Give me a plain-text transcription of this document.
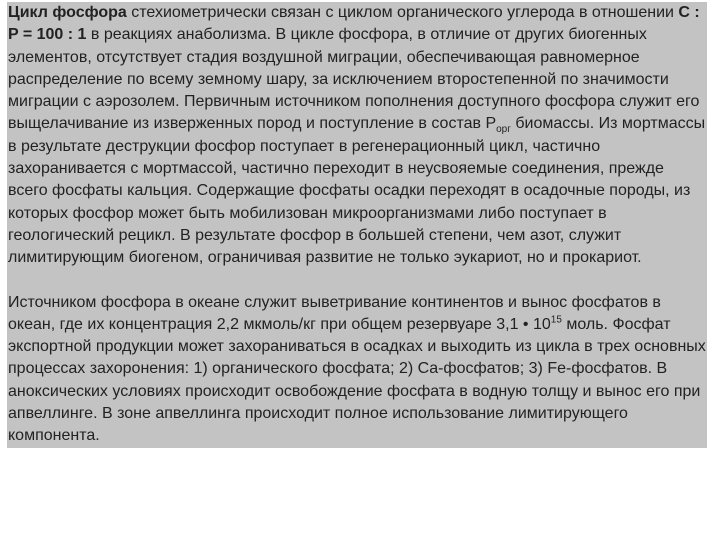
Цикл фосфора стехиометрически связан с циклом органического углерода в отношении C : P = 100 : 1 в реакциях анаболизма. В цикле фосфора, в отличие от других биогенных элементов, отсутствует стадия воздушной миграции, обеспечивающая равномерное распределение по всему земному шару, за исключением второстепенной по значимости миграции с аэрозолем. Первичным источником пополнения доступного фосфора служит его выщелачивание из изверженных пород и поступление в состав $P_{орг}$ биомассы. Из мортмассы в результате деструкции фосфор поступает в регенерационный цикл, частично захоранивается с мортмассой, частично переходит в неусвояемые соединения, прежде всего фосфаты кальция. Содержащие фосфаты осадки переходят в осадочные породы, из которых фосфор может быть мобилизован микроорганизмами либо поступает в геологический рецикл. В результате фосфор в большей степени, чем азот, служит лимитирующим биогеном, ограничивая развитие не только эукариот, но и прокариот.

Источником фосфора в океане служит выветривание континентов и вынос фосфатов в океан, где их концентрация 2,2 мкмоль/кг при общем резервуаре 3,1 • $10^{15}$ моль. Фосфат экспортной продукции может захораниваться в осадках и выходить из цикла в трех основных процессах захоронения: 1) органического фосфата; 2) Ca-фосфатов; 3) Fe-фосфатов. В аноксических условиях происходит освобождение фосфата в водную толщу и вынос его при апвеллинге. В зоне апвеллинга происходит полное использование лимитирующего компонента.
